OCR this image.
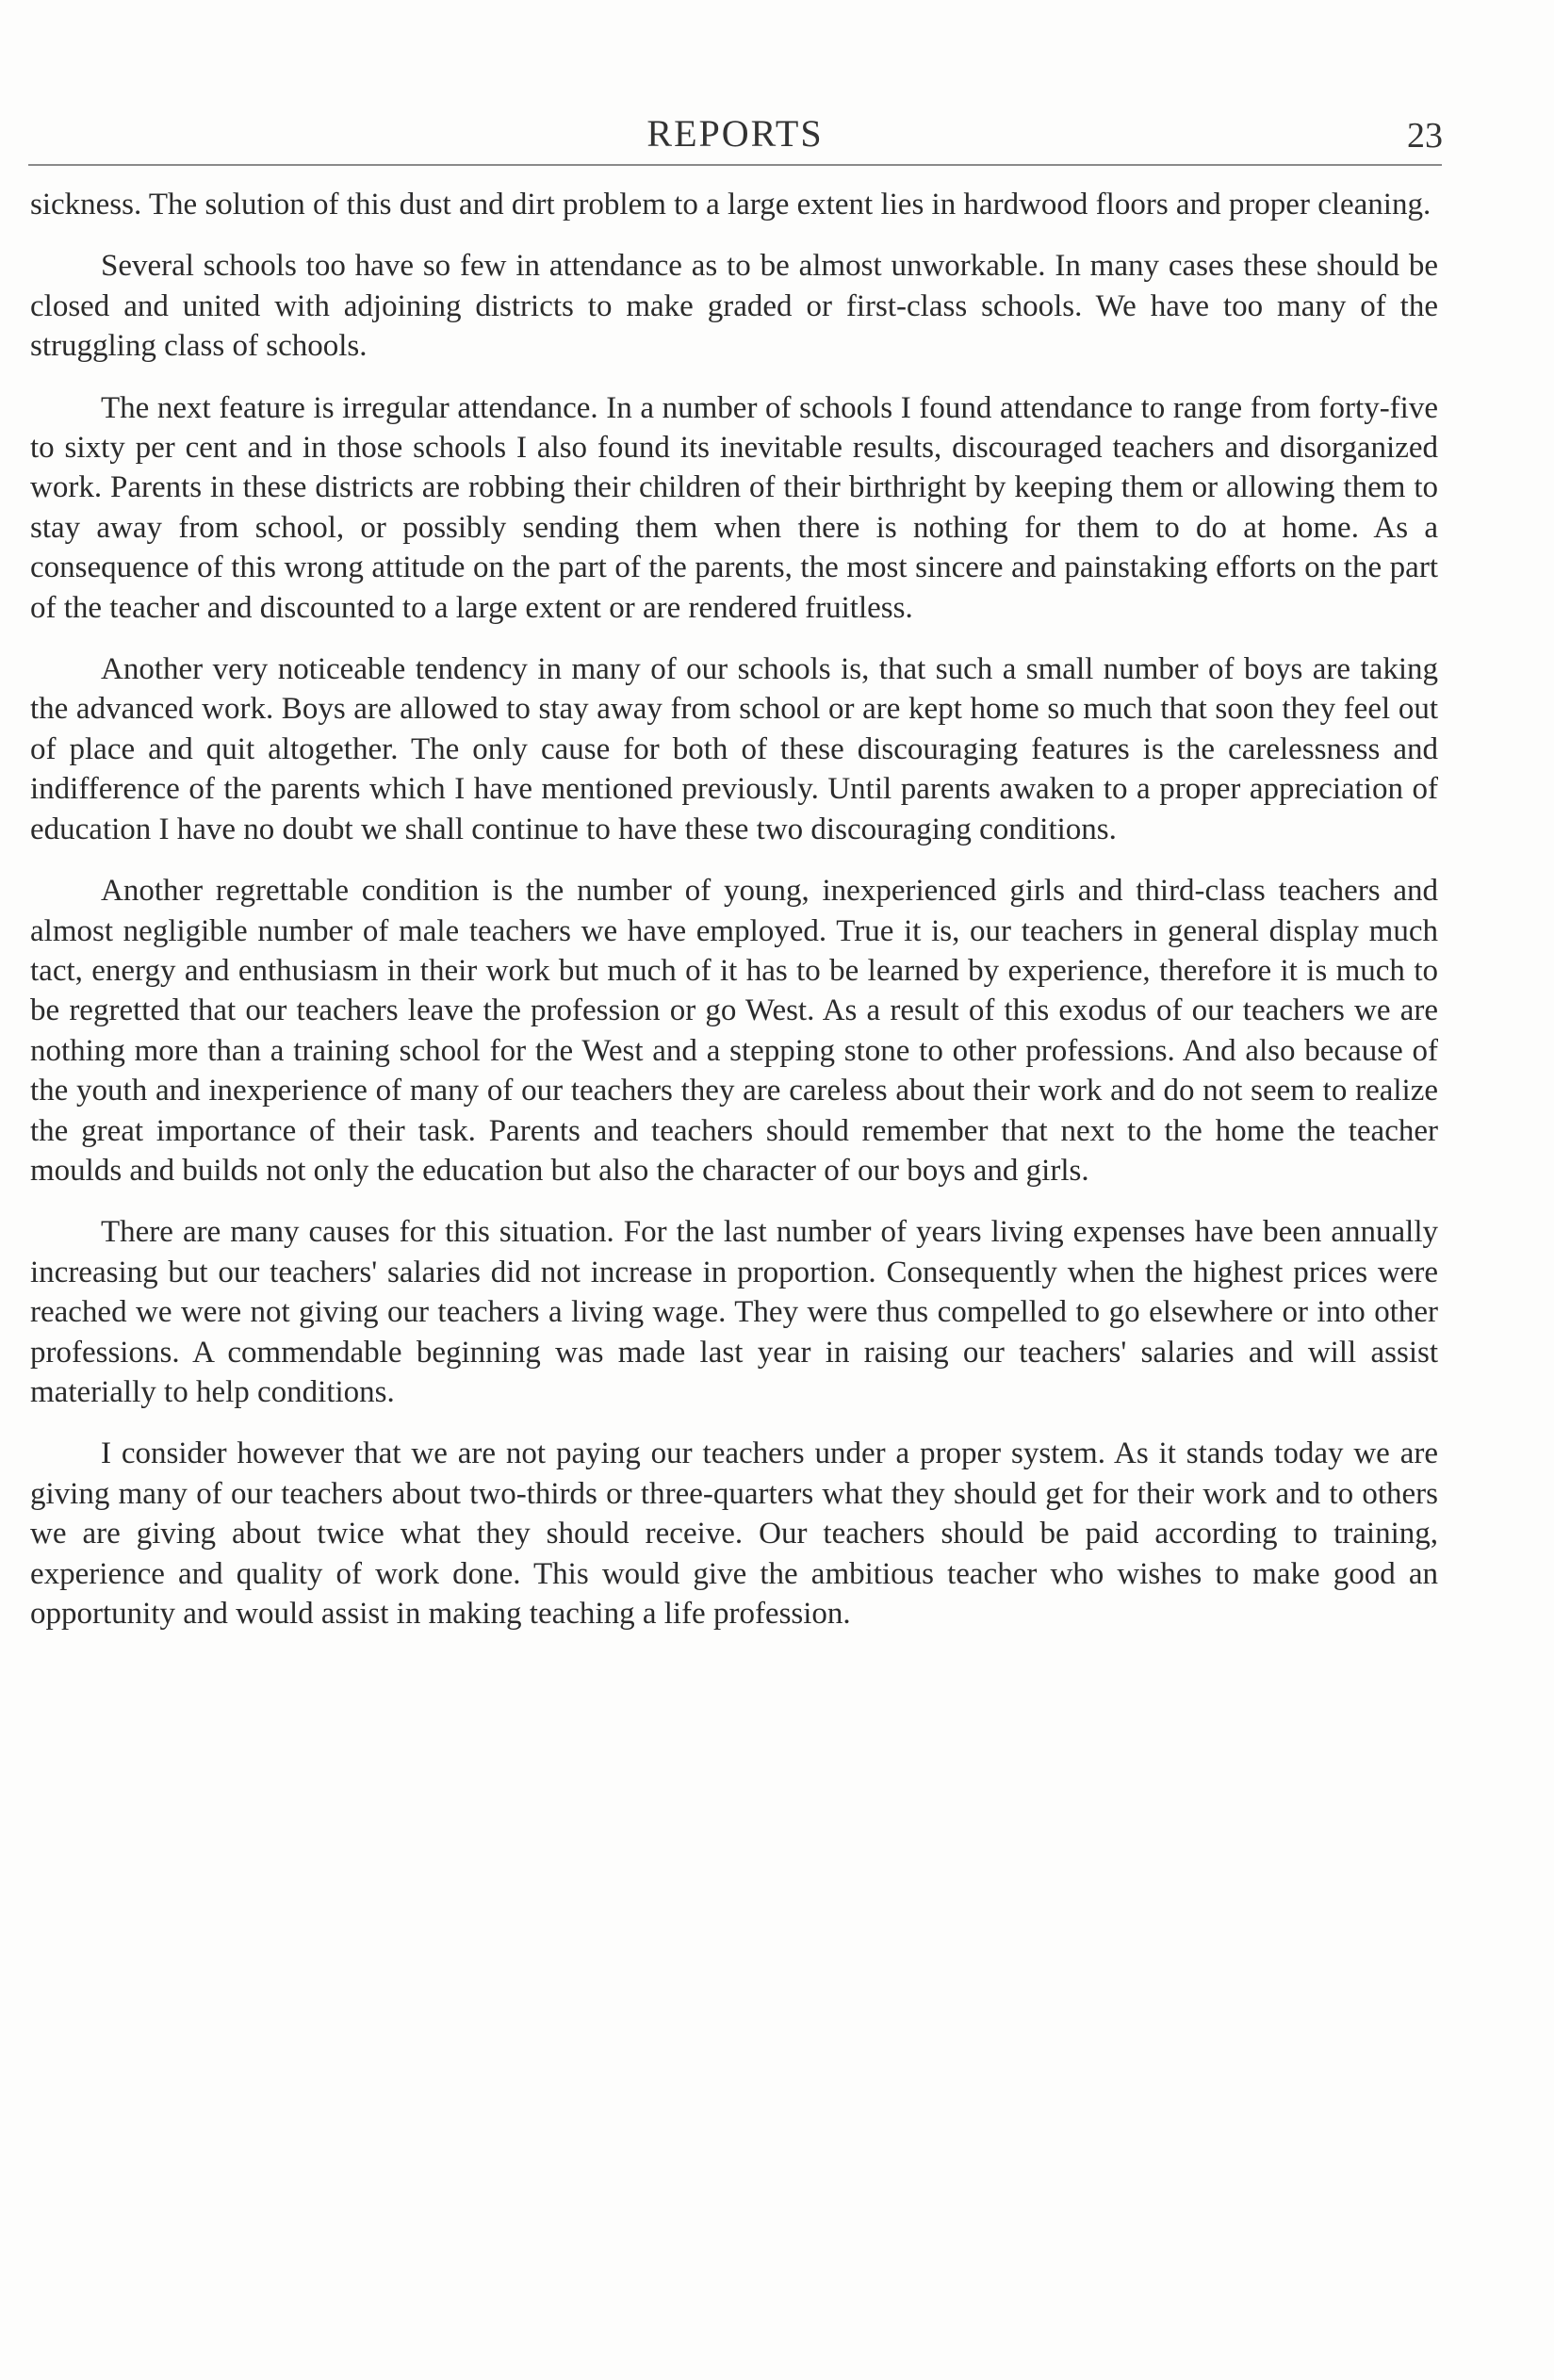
REPORTS	23

sickness. The solution of this dust and dirt problem to a large extent lies in hardwood floors and proper cleaning.

Several schools too have so few in attendance as to be almost unworkable. In many cases these should be closed and united with adjoining districts to make graded or first-class schools. We have too many of the struggling class of schools.

The next feature is irregular attendance. In a number of schools I found attendance to range from forty-five to sixty per cent and in those schools I also found its inevitable results, discouraged teachers and disorganized work. Parents in these districts are robbing their children of their birthright by keeping them or allowing them to stay away from school, or possibly sending them when there is nothing for them to do at home. As a consequence of this wrong attitude on the part of the parents, the most sincere and painstaking efforts on the part of the teacher and discounted to a large extent or are rendered fruitless.

Another very noticeable tendency in many of our schools is, that such a small number of boys are taking the advanced work. Boys are allowed to stay away from school or are kept home so much that soon they feel out of place and quit altogether. The only cause for both of these discouraging features is the carelessness and indifference of the parents which I have mentioned previously. Until parents awaken to a proper appreciation of education I have no doubt we shall continue to have these two discouraging conditions.

Another regrettable condition is the number of young, inexperienced girls and third-class teachers and almost negligible number of male teachers we have employed. True it is, our teachers in general display much tact, energy and enthusiasm in their work but much of it has to be learned by experience, therefore it is much to be regretted that our teachers leave the profession or go West. As a result of this exodus of our teachers we are nothing more than a training school for the West and a stepping stone to other professions. And also because of the youth and inexperience of many of our teachers they are careless about their work and do not seem to realize the great importance of their task. Parents and teachers should remember that next to the home the teacher moulds and builds not only the education but also the character of our boys and girls.

There are many causes for this situation. For the last number of years living expenses have been annually increasing but our teachers' salaries did not increase in proportion. Consequently when the highest prices were reached we were not giving our teachers a living wage. They were thus compelled to go elsewhere or into other professions. A commendable beginning was made last year in raising our teachers' salaries and will assist materially to help conditions.

I consider however that we are not paying our teachers under a proper system. As it stands today we are giving many of our teachers about two-thirds or three-quarters what they should get for their work and to others we are giving about twice what they should receive. Our teachers should be paid according to training, experience and quality of work done. This would give the ambitious teacher who wishes to make good an opportunity and would assist in making teaching a life profession.
